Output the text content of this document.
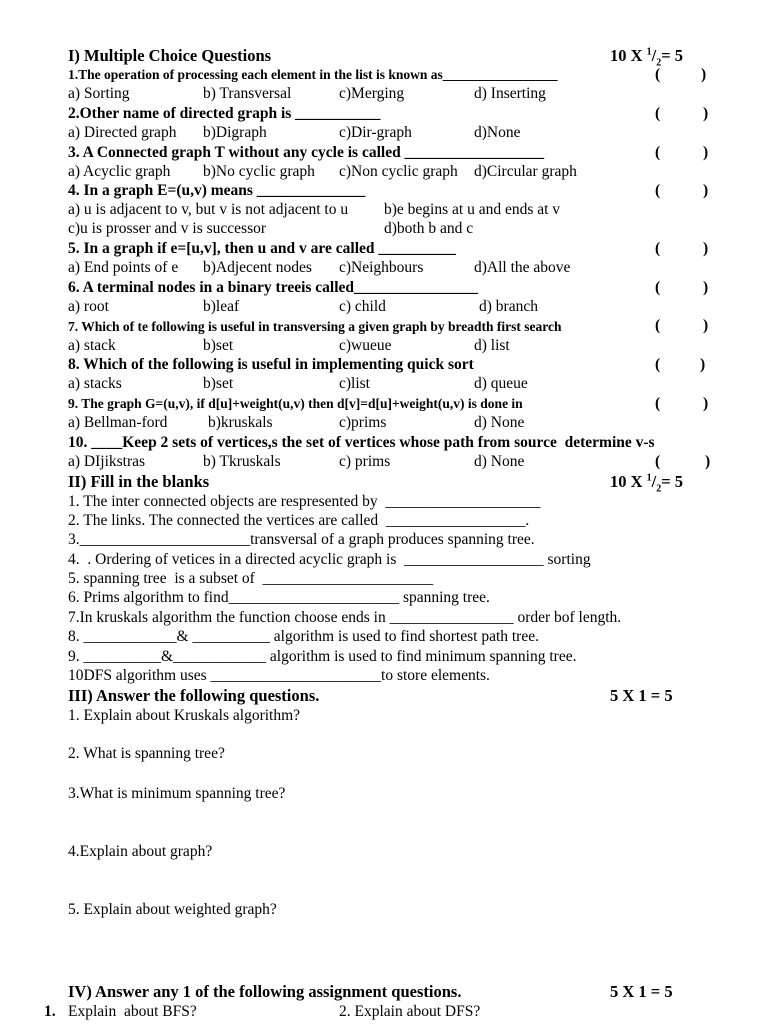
I) Multiple Choice Questions	10 X $^1/_2= 5$
1.The operation of processing each element in the list is known as_________________	(	)
a) Sorting	b) Transversal	c)Merging	d) Inserting
2.Other name of directed graph is ___________	(	)
a) Directed graph b)Digraph	c)Dir-graph	d)None
3. A Connected graph T without any cycle is called __________________	(	)
a) Acyclic graph b)No cyclic graph c)Non cyclic graph d)Circular graph
4. In a graph E=(u,v) means ______________	(	)
a) u is adjacent to v, but v is not adjacent to u b)e begins at u and ends at v
c)u is prosser and v is successor	d)both b and c
5. In a graph if e=[u,v], then u and v are called __________	(	)
a) End points of e b)Adjecent nodes c)Neighbours	d)All the above
6. A terminal nodes in a binary treeis called________________	(	)
a) root	b)leaf	c) child	d) branch
7. Which of te following is useful in transversing a given graph by breadth first search	(	)
a) stack	b)set	c)wueue	d) list
8. Which of the following is useful in implementing quick sort	(	)
a) stacks	b)set	c)list	d) queue
9. The graph G=(u,v), if d[u]+weight(u,v) then d[v]=d[u]+weight(u,v) is done in	(	)
a) Bellman-ford	b)kruskals	c)prims	d) None
10. ____Keep 2 sets of vertices,s the set of vertices whose path from source  determine v-s
a) DIjikstras	b) Tkruskals	c) prims	d) None	(	)
II) Fill in the blanks	10 X $^1/_2= 5$
1. The inter connected objects are respresented by  ____________________
2. The links. The connected the vertices are called  __________________.
3.______________________transversal of a graph produces spanning tree.
4.  . Ordering of vetices in a directed acyclic graph is  __________________ sorting
5. spanning tree  is a subset of  ______________________
6. Prims algorithm to find______________________ spanning tree.
7.In kruskals algorithm the function choose ends in ________________ order bof length.
8. ____________& __________ algorithm is used to find shortest path tree.
9. __________&____________ algorithm is used to find minimum spanning tree.
10DFS algorithm uses ______________________to store elements.
III) Answer the following questions.	5 X 1 = 5
1. Explain about Kruskals algorithm?
2. What is spanning tree?
3.What is minimum spanning tree?
4.Explain about graph?
5. Explain about weighted graph?
IV) Answer any 1 of the following assignment questions.	5 X 1 = 5
1. Explain  about BFS?	2. Explain about DFS?
